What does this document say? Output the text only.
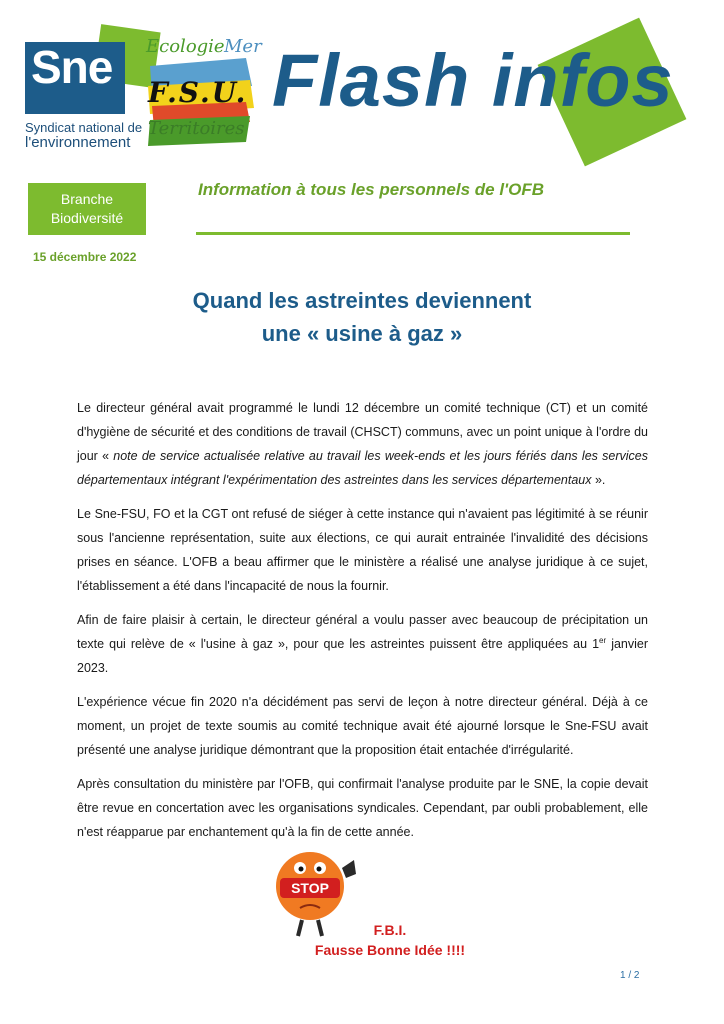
Sne
Syndicat national de
l'environnement
Ecologie Mer
F.S.U.
Territoires
Flash infos
Branche
Biodiversité
15 décembre 2022
Information à tous les personnels de l'OFB
Quand les astreintes deviennent
une « usine à gaz »

Le directeur général avait programmé le lundi 12 décembre un comité technique (CT) et un comité d'hygiène de sécurité et des conditions de travail (CHSCT) communs, avec un point unique à l'ordre du jour « note de service actualisée relative au travail les week-ends et les jours fériés dans les services départementaux intégrant l'expérimentation des astreintes dans les services départementaux ».

Le Sne-FSU, FO et la CGT ont refusé de siéger à cette instance qui n'avaient pas légitimité à se réunir sous l'ancienne représentation, suite aux élections, ce qui aurait entrainée l'invalidité des décisions prises en séance. L'OFB a beau affirmer que le ministère a réalisé une analyse juridique à ce sujet, l'établissement a été dans l'incapacité de nous la fournir.

Afin de faire plaisir à certain, le directeur général a voulu passer avec beaucoup de précipitation un texte qui relève de « l'usine à gaz », pour que les astreintes puissent être appliquées au 1er janvier 2023.

L'expérience vécue fin 2020 n'a décidément pas servi de leçon à notre directeur général. Déjà à ce moment, un projet de texte soumis au comité technique avait été ajourné lorsque le Sne-FSU avait présenté une analyse juridique démontrant que la proposition était entachée d'irrégularité.

Après consultation du ministère par l'OFB, qui confirmait l'analyse produite par le SNE, la copie devait être revue en concertation avec les organisations syndicales. Cependant, par oubli probablement, elle n'est réapparue par enchantement qu'à la fin de cette année.

STOP
F.B.I.
Fausse Bonne Idée !!!!
1 / 2
